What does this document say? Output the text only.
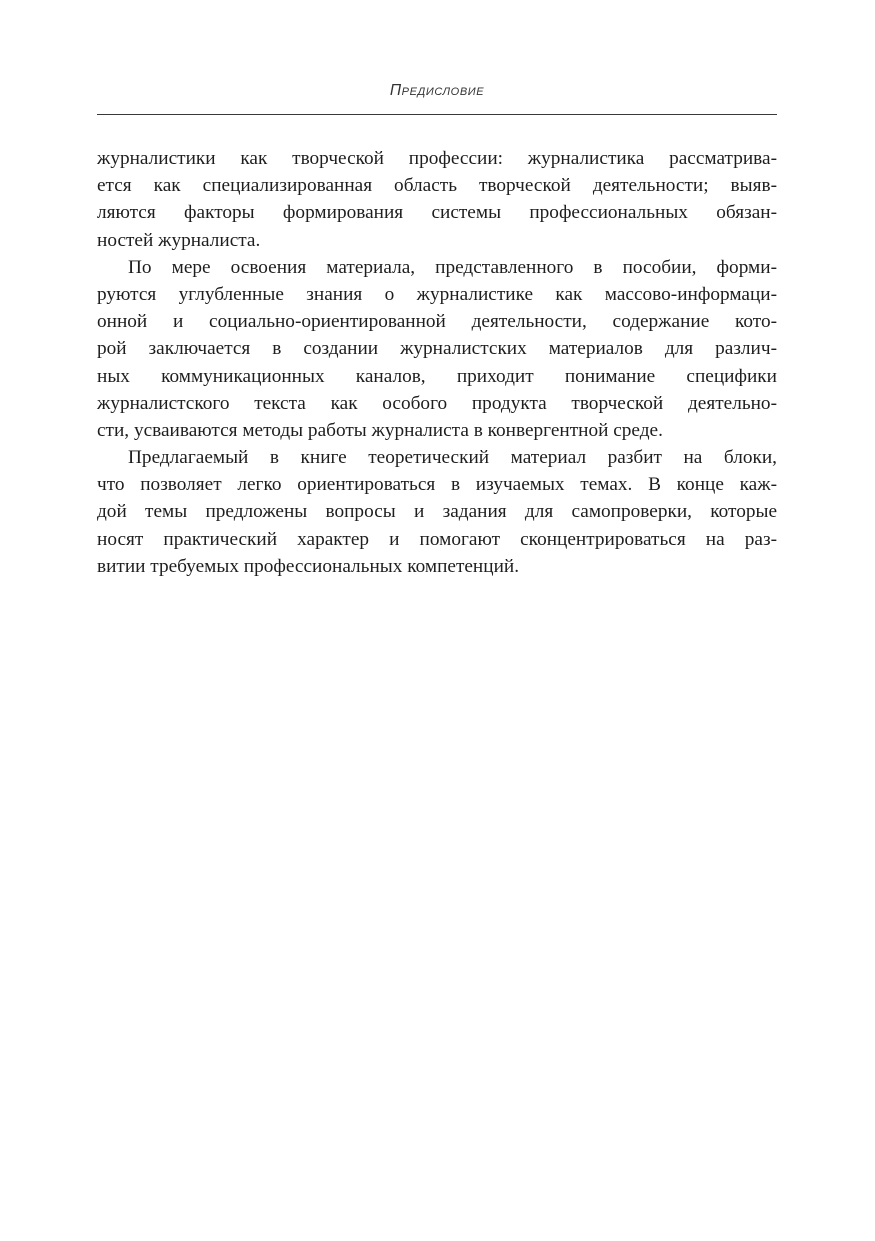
Предисловие
журналистики как творческой профессии: журналистика рассматрива-
ется как специализированная область творческой деятельности; выяв-
ляются факторы формирования системы профессиональных обязан-
ностей журналиста.
По мере освоения материала, представленного в пособии, форми-
руются углубленные знания о журналистике как массово-информаци-
онной и социально-ориентированной деятельности, содержание кото-
рой заключается в создании журналистских материалов для различ-
ных коммуникационных каналов, приходит понимание специфики
журналистского текста как особого продукта творческой деятельно-
сти, усваиваются методы работы журналиста в конвергентной среде.
Предлагаемый в книге теоретический материал разбит на блоки,
что позволяет легко ориентироваться в изучаемых темах. В конце каж-
дой темы предложены вопросы и задания для самопроверки, которые
носят практический характер и помогают сконцентрироваться на раз-
витии требуемых профессиональных компетенций.
